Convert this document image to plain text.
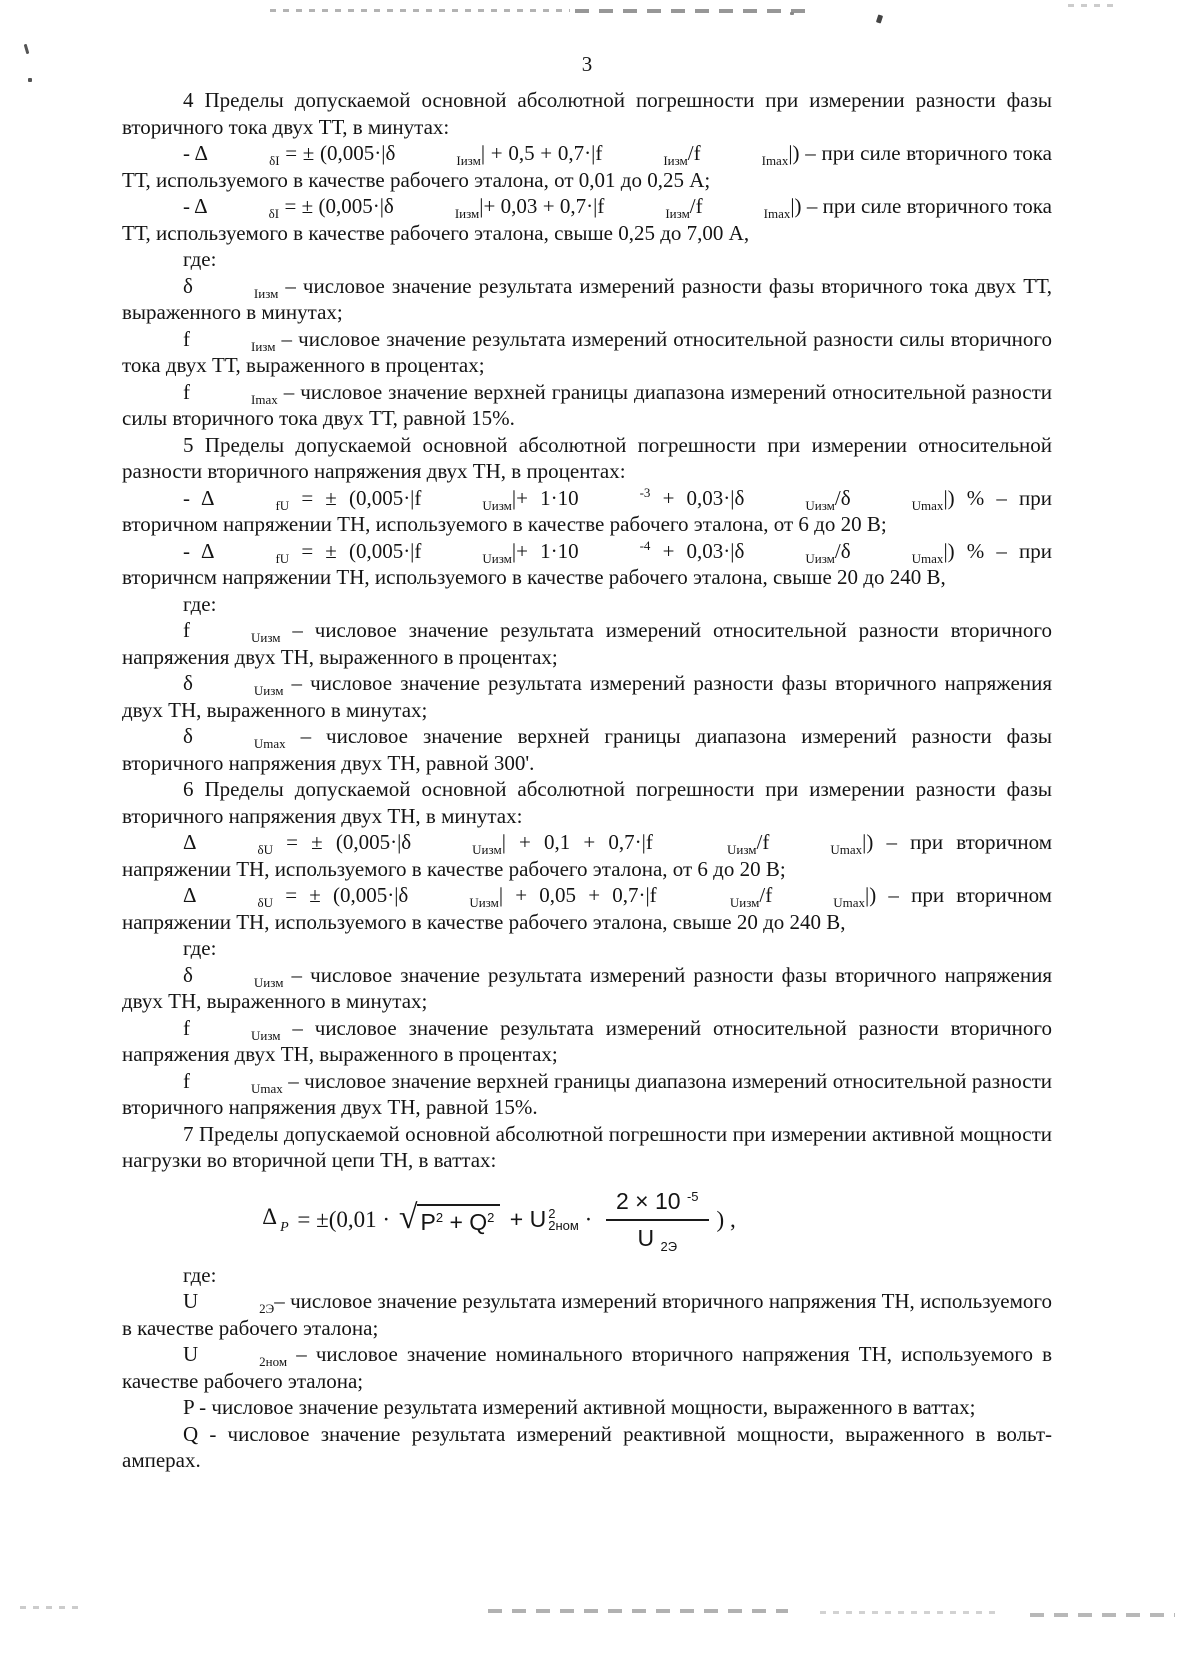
3

4 Пределы допускаемой основной абсолютной погрешности при измерении разности фазы вторичного тока двух ТТ, в минутах:

- Δ	δI = ± (0,005·|δ	Iизм| + 0,5 + 0,7·|f	Iизм/f	Imax|) – при силе вторичного тока ТТ, используемого в качестве рабочего эталона, от 0,01 до 0,25 А;

- Δ	δI = ± (0,005·|δ	Iизм|+ 0,03 + 0,7·|f	Iизм/f	Imax|) – при силе вторичного тока ТТ, используемого в качестве рабочего эталона, свыше 0,25 до 7,00 А,

где:

δ	Iизм – числовое значение результата измерений разности фазы вторичного тока двух ТТ, выраженного в минутах;

f	Iизм – числовое значение результата измерений относительной разности силы вторичного тока двух ТТ, выраженного в процентах;

f	Imax – числовое значение верхней границы диапазона измерений относительной разности силы вторичного тока двух ТТ, равной 15%.

5 Пределы допускаемой основной абсолютной погрешности при измерении относительной разности вторичного напряжения двух ТН, в процентах:

- Δ	fU = ± (0,005·|f	Uизм|+ 1·10	-3 + 0,03·|δ	Uизм/δ	Umax|) % – при вторичном напряжении ТН, используемого в качестве рабочего эталона, от 6 до 20 В;

- Δ	fU = ± (0,005·|f	Uизм|+ 1·10	-4 + 0,03·|δ	Uизм/δ	Umax|) % – при вторичнсм напряжении ТН, используемого в качестве рабочего эталона, свыше 20 до 240 В,

где:

f	Uизм – числовое значение результата измерений относительной разности вторичного напряжения двух ТН, выраженного в процентах;

δ	Uизм – числовое значение результата измерений разности фазы вторичного напряжения двух ТН, выраженного в минутах;

δ	Umax – числовое значение верхней границы диапазона измерений разности фазы вторичного напряжения двух ТН, равной 300'.

6 Пределы допускаемой основной абсолютной погрешности при измерении разности фазы вторичного напряжения двух ТН, в минутах:

Δ	δU = ± (0,005·|δ	Uизм| + 0,1 + 0,7·|f	Uизм/f	Umax|) – при вторичном напряжении ТН, используемого в качестве рабочего эталона, от 6 до 20 В;

Δ	δU = ± (0,005·|δ	Uизм| + 0,05 + 0,7·|f	Uизм/f	Umax|) – при вторичном напряжении ТН, используемого в качестве рабочего эталона, свыше 20 до 240 В,

где:

δ	Uизм – числовое значение результата измерений разности фазы вторичного напряжения двух ТН, выраженного в минутах;

f	Uизм – числовое значение результата измерений относительной разности вторичного напряжения двух ТН, выраженного в процентах;

f	Umax – числовое значение верхней границы диапазона измерений относительной разности вторичного напряжения двух ТН, равной 15%.

7 Пределы допускаемой основной абсолютной погрешности при измерении активной мощности нагрузки во вторичной цепи ТН, в ваттах:

Δ $_P$ = ±(0,01 · √ P2 + Q2 + U 2
$2ном \cdot \frac{2 \times 10 -5}{U 2Э}$ ) ,

где:

U	2Э– числовое значение результата измерений вторичного напряжения ТН, используемого в качестве рабочего эталона;

U	2ном – числовое значение номинального вторичного напряжения ТН, используемого в качестве рабочего эталона;

P - числовое значение результата измерений активной мощности, выраженного в ваттах;

Q - числовое значение результата измерений реактивной мощности, выраженного в вольт-амперах.
